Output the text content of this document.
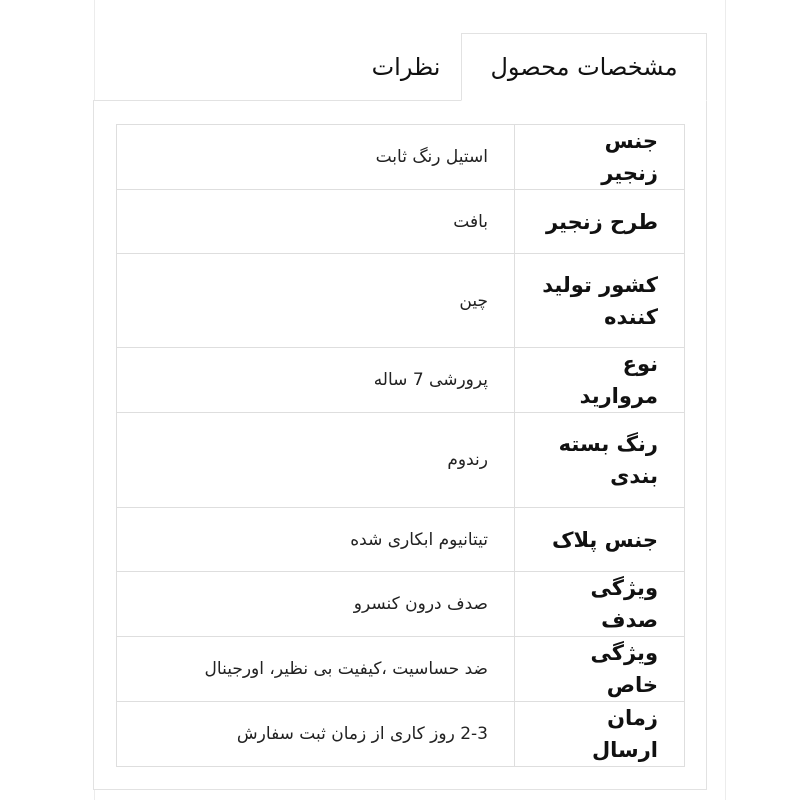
مشخصات محصول
نظرات
جنس زنجیر	استیل رنگ ثابت
طرح زنجیر	بافت
کشور تولید کننده	چین
نوع مروارید	پرورشی 7 ساله
رنگ بسته بندی	رندوم
جنس پلاک	تیتانیوم ابکاری شده
ویژگی صدف	صدف درون کنسرو
ویژگی خاص	ضد حساسیت ،کیفیت بی نظیر، اورجینال
زمان ارسال	2-3 روز کاری از زمان ثبت سفارش
